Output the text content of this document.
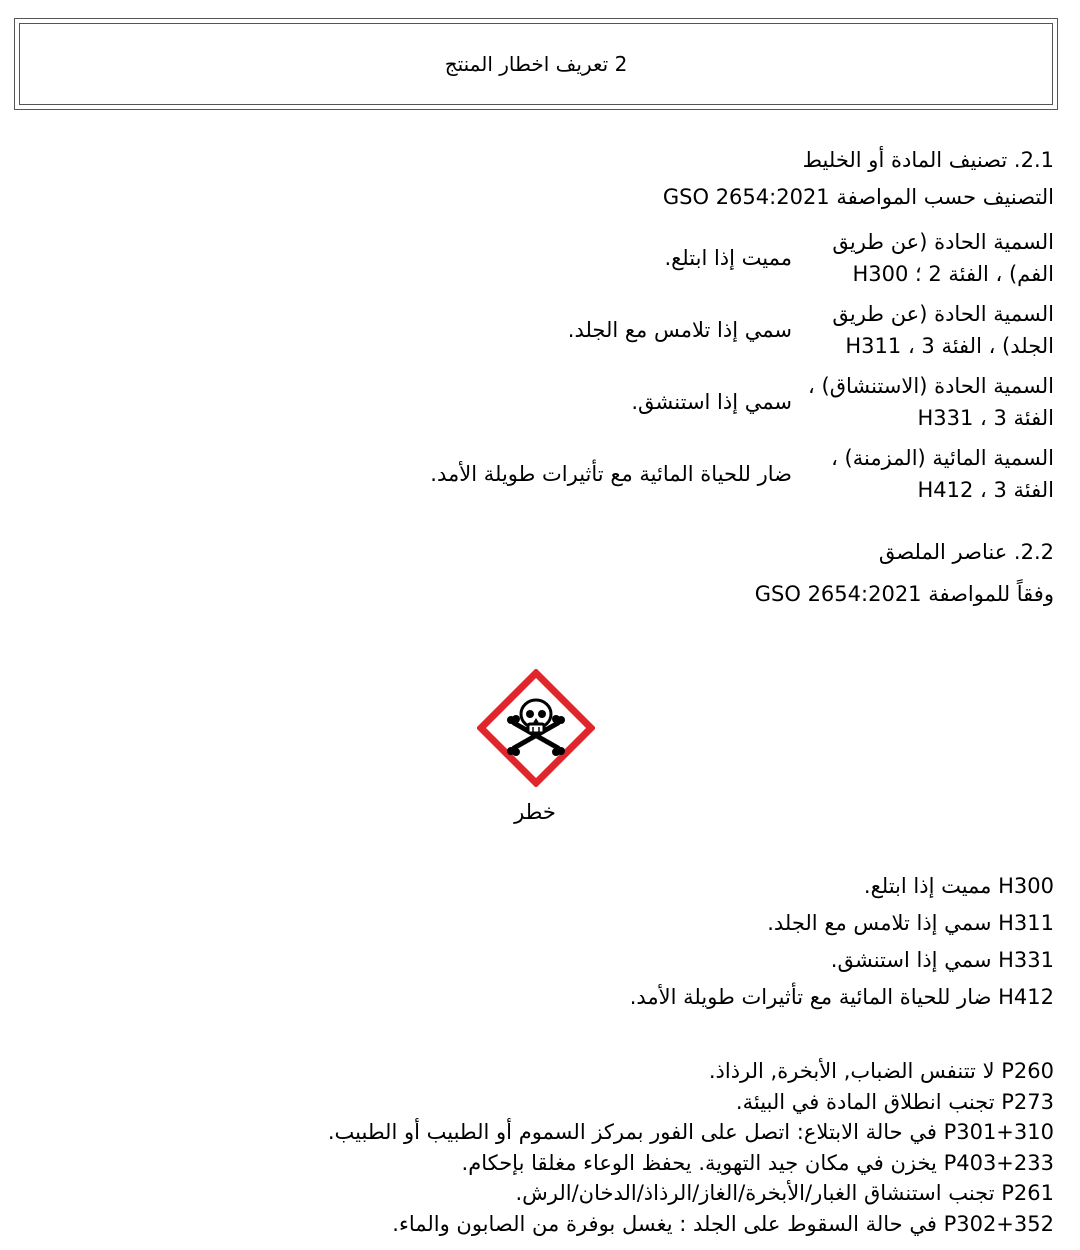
2 تعريف اخطار المنتج
2.1. تصنيف المادة أو الخليط
التصنيف حسب المواصفة GSO 2654:2021
السمية الحادة (عن طريق الفم) ، الفئة 2 ؛ H300
مميت إذا ابتلع.
السمية الحادة (عن طريق الجلد) ، الفئة 3 ، H311
سمي إذا تلامس مع الجلد.
السمية الحادة (الاستنشاق) ، الفئة 3 ، H331
سمي إذا استنشق.
السمية المائية (المزمنة) ، الفئة 3 ، H412
ضار للحياة المائية مع تأثيرات طويلة الأمد.
2.2. عناصر الملصق
وفقاً للمواصفة GSO 2654:2021
خطر
H300 مميت إذا ابتلع.
H311 سمي إذا تلامس مع الجلد.
H331 سمي إذا استنشق.
H412 ضار للحياة المائية مع تأثيرات طويلة الأمد.
P260 لا تتنفس الضباب, الأبخرة, الرذاذ.
P273 تجنب انطلاق المادة في البيئة.
P301+310 في حالة الابتلاع: اتصل على الفور بمركز السموم أو الطبيب أو الطبيب.
P403+233 يخزن في مكان جيد التهوية. يحفظ الوعاء مغلقا بإحكام.
P261 تجنب استنشاق الغبار/الأبخرة/الغاز/الرذاذ/الدخان/الرش.
P302+352 في حالة السقوط على الجلد : يغسل بوفرة من الصابون والماء.
